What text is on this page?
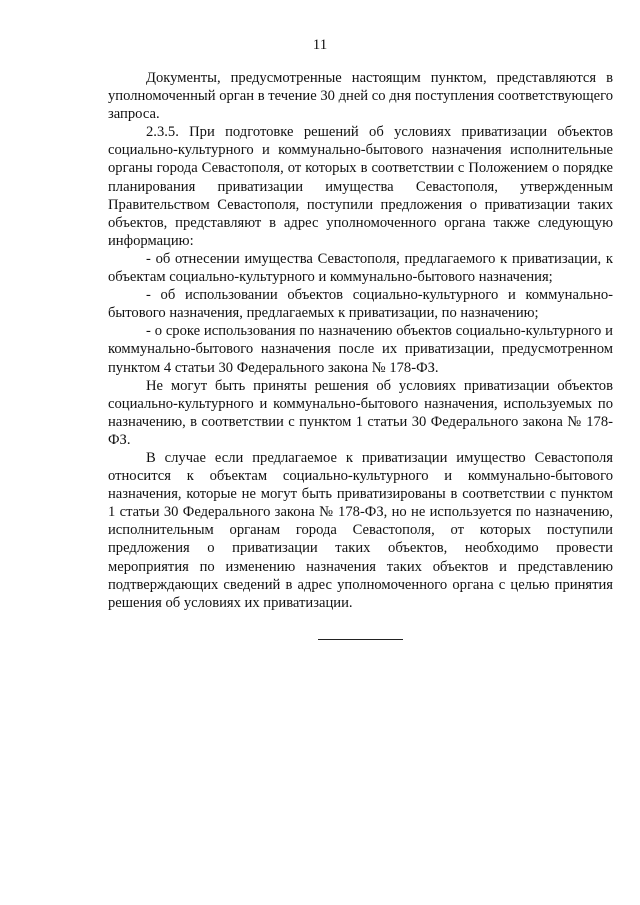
11

Документы, предусмотренные настоящим пунктом, представляются в уполномоченный орган в течение 30 дней со дня поступления соответствующего запроса.

2.3.5. При подготовке решений об условиях приватизации объектов социально-культурного и коммунально-бытового назначения исполнительные органы города Севастополя, от которых в соответствии с Положением о порядке планирования приватизации имущества Севастополя, утвержденным Правительством Севастополя, поступили предложения о приватизации таких объектов, представляют в адрес уполномоченного органа также следующую информацию:

- об отнесении имущества Севастополя, предлагаемого к приватизации, к объектам социально-культурного и коммунально-бытового назначения;

- об использовании объектов социально-культурного и коммунально-бытового назначения, предлагаемых к приватизации, по назначению;

- о сроке использования по назначению объектов социально-культурного и коммунально-бытового назначения после их приватизации, предусмотренном пунктом 4 статьи 30 Федерального закона № 178-ФЗ.

Не могут быть приняты решения об условиях приватизации объектов социально-культурного и коммунально-бытового назначения, используемых по назначению, в соответствии с пунктом 1 статьи 30 Федерального закона № 178-ФЗ.

В случае если предлагаемое к приватизации имущество Севастополя относится к объектам социально-культурного и коммунально-бытового назначения, которые не могут быть приватизированы в соответствии с пунктом 1 статьи 30 Федерального закона № 178-ФЗ, но не используется по назначению, исполнительным органам города Севастополя, от которых поступили предложения о приватизации таких объектов, необходимо провести мероприятия по изменению назначения таких объектов и представлению подтверждающих сведений в адрес уполномоченного органа с целью принятия решения об условиях их приватизации.
